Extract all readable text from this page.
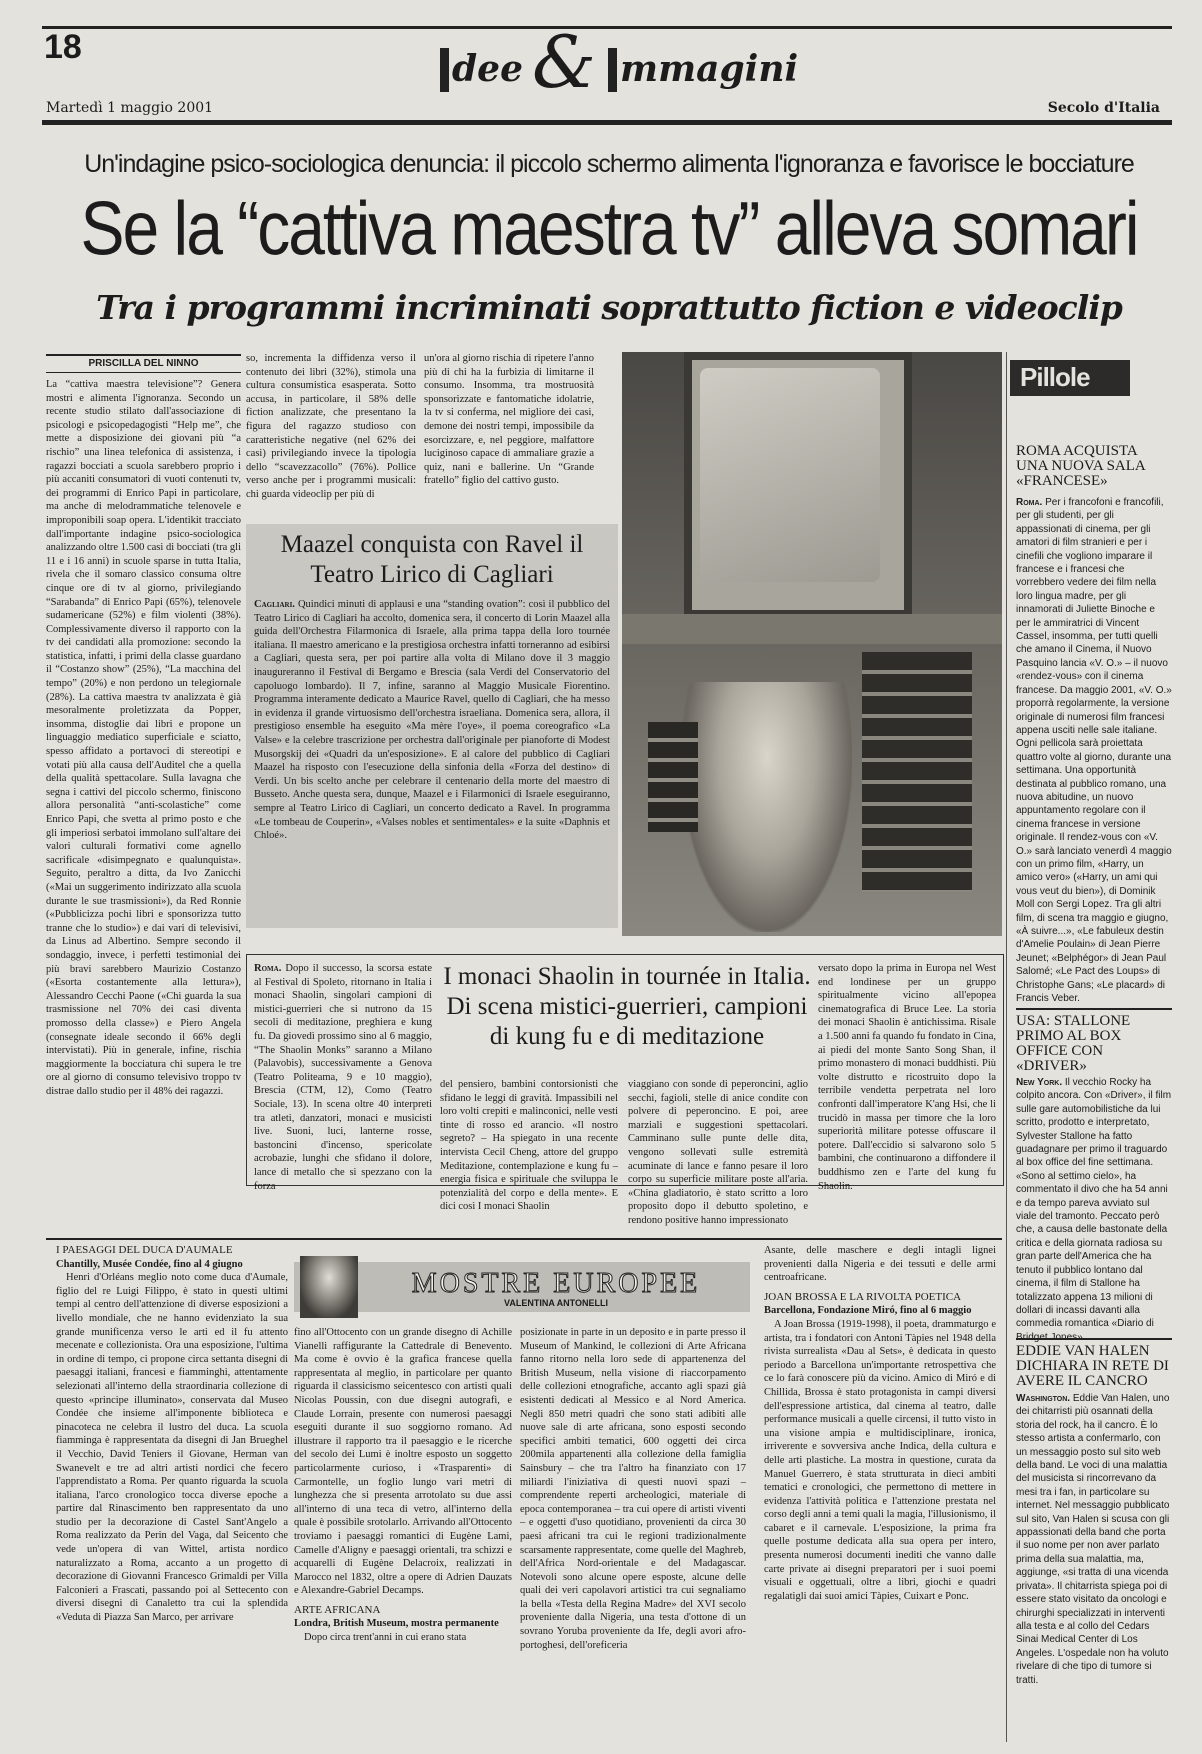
18
dee & mmagini
Martedì 1 maggio 2001	Secolo d'Italia
Un'indagine psico-sociologica denuncia: il piccolo schermo alimenta l'ignoranza e favorisce le bocciature
Se la “cattiva maestra tv” alleva somari
Tra i programmi incriminati soprattutto fiction e videoclip
PRISCILLA DEL NINNO

La “cattiva maestra televisione”? Genera mostri e alimenta l'ignoranza. Secondo un recente studio stilato dall'associazione di psicologi e psicopedagogisti “Help me”, che mette a disposizione dei giovani più “a rischio” una linea telefonica di assistenza, i ragazzi bocciati a scuola sarebbero proprio i più accaniti consumatori di vuoti contenuti tv, dei programmi di Enrico Papi in particolare, ma anche di melodrammatiche telenovele e improponibili soap opera. L'identikit tracciato dall'importante indagine psico-sociologica analizzando oltre 1.500 casi di bocciati (tra gli 11 e i 16 anni) in scuole sparse in tutta Italia, rivela che il somaro classico consuma oltre cinque ore di tv al giorno, privilegiando “Sarabanda” di Enrico Papi (65%), telenovele sudamericane (52%) e film violenti (38%). Complessivamente diverso il rapporto con la tv dei candidati alla promozione: secondo la statistica, infatti, i primi della classe guardano il “Costanzo show” (25%), “La macchina del tempo” (20%) e non perdono un telegiornale (28%). La cattiva maestra tv analizzata è già mesoralmente proletizzata da Popper, insomma, distoglie dai libri e propone un linguaggio mediatico superficiale e sciatto, spesso affidato a portavoci di stereotipi e votati più alla causa dell'Auditel che a quella della qualità spettacolare. Sulla lavagna che segna i cattivi del piccolo schermo, finiscono allora personalità “anti-scolastiche” come Enrico Papi, che svetta al primo posto e che gli imperiosi serbatoi immolano sull'altare dei valori culturali formativi come agnello sacrificale «disimpegnato e qualunquista». Seguito, peraltro a ditta, da Ivo Zanicchi («Mai un suggerimento indirizzato alla scuola durante le sue trasmissioni»), da Red Ronnie («Pubblicizza pochi libri e sponsorizza tutto tranne che lo studio») e dai vari di televisivi, da Linus ad Albertino. Sempre secondo il sondaggio, invece, i perfetti testimonial dei più bravi sarebbero Maurizio Costanzo («Esorta costantemente alla lettura»), Alessandro Cecchi Paone («Chi guarda la sua trasmissione nel 70% dei casi diventa promosso della classe») e Piero Angela (consegnate ideale secondo il 66% degli intervistati). Più in generale, infine, rischia maggiormente la bocciatura chi supera le tre ore al giorno di consumo televisivo troppo tv distrae dallo studio per il 48% dei ragazzi.

so, incrementa la diffidenza verso il contenuto dei libri (32%), stimola una cultura consumistica esasperata. Sotto accusa, in particolare, il 58% delle fiction analizzate, che presentano la figura del ragazzo studioso con caratteristiche negative (nel 62% dei casi) privilegiando invece la tipologia dello “scavezzacollo” (76%). Pollice verso anche per i programmi musicali: chi guarda videoclip per più di

un'ora al giorno rischia di ripetere l'anno più di chi ha la furbizia di limitarne il consumo. Insomma, tra mostruosità sponsorizzate e fantomatiche idolatrie, la tv si conferma, nel migliore dei casi, demone dei nostri tempi, impossibile da esorcizzare, e, nel peggiore, malfattore luciginoso capace di ammaliare grazie a quiz, nani e ballerine. Un “Grande fratello” figlio del cattivo gusto.

Maazel conquista con Ravel il Teatro Lirico di Cagliari

Cagliari. Quindici minuti di applausi e una “standing ovation”: così il pubblico del Teatro Lirico di Cagliari ha accolto, domenica sera, il concerto di Lorin Maazel alla guida dell'Orchestra Filarmonica di Israele, alla prima tappa della loro tournée italiana. Il maestro americano e la prestigiosa orchestra infatti torneranno ad esibirsi a Cagliari, questa sera, per poi partire alla volta di Milano dove il 3 maggio inaugureranno il Festival di Bergamo e Brescia (sala Verdi del Conservatorio del capoluogo lombardo). Il 7, infine, saranno al Maggio Musicale Fiorentino. Programma interamente dedicato a Maurice Ravel, quello di Cagliari, che ha messo in evidenza il grande virtuosismo dell'orchestra israeliana. Domenica sera, allora, il prestigioso ensemble ha eseguito «Ma mère l'oye», il poema coreografico «La Valse» e la celebre trascrizione per orchestra dall'originale per pianoforte di Modest Musorgskij dei «Quadri da un'esposizione». E al calore del pubblico di Cagliari Maazel ha risposto con l'esecuzione della sinfonia della «Forza del destino» di Verdi. Un bis scelto anche per celebrare il centenario della morte del maestro di Busseto. Anche questa sera, dunque, Maazel e i Filarmonici di Israele eseguiranno, sempre al Teatro Lirico di Cagliari, un concerto dedicato a Ravel. In programma «Le tombeau de Couperin», «Valses nobles et sentimentales» e la suite «Daphnis et Chloé».

Pillole
ROMA ACQUISTA UNA NUOVA SALA «FRANCESE»
Roma. Per i francofoni e francofili, per gli studenti, per gli appassionati di cinema, per gli amatori di film stranieri e per i cinefili che vogliono imparare il francese e i francesi che vorrebbero vedere dei film nella loro lingua madre, per gli innamorati di Juliette Binoche e per le ammiratrici di Vincent Cassel, insomma, per tutti quelli che amano il Cinema, il Nuovo Pasquino lancia «V. O.» – il nuovo «rendez-vous» con il cinema francese. Da maggio 2001, «V. O.» proporrà regolarmente, la versione originale di numerosi film francesi appena usciti nelle sale italiane. Ogni pellicola sarà proiettata quattro volte al giorno, durante una settimana. Una opportunità destinata al pubblico romano, una nuova abitudine, un nuovo appuntamento regolare con il cinema francese in versione originale. Il rendez-vous con «V. O.» sarà lanciato venerdì 4 maggio con un primo film, «Harry, un amico vero» («Harry, un ami qui vous veut du bien»), di Dominik Moll con Sergi Lopez. Tra gli altri film, di scena tra maggio e giugno, «À suivre...», «Le fabuleux destin d'Amelie Poulain» di Jean Pierre Jeunet; «Belphégor» di Jean Paul Salomé; «Le Pact des Loups» di Christophe Gans; «Le placard» di Francis Veber.
USA: STALLONE PRIMO AL BOX OFFICE CON «DRIVER»
New York. Il vecchio Rocky ha colpito ancora. Con «Driver», il film sulle gare automobilistiche da lui scritto, prodotto e interpretato, Sylvester Stallone ha fatto guadagnare per primo il traguardo al box office del fine settimana. «Sono al settimo cielo», ha commentato il divo che ha 54 anni e da tempo pareva avviato sul viale del tramonto. Peccato però che, a causa delle bastonate della critica e della giornata radiosa su gran parte dell'America che ha tenuto il pubblico lontano dal cinema, il film di Stallone ha totalizzato appena 13 milioni di dollari di incassi davanti alla commedia romantica «Diario di
EDDIE VAN HALEN DICHIARA IN RETE DI AVERE IL CANCRO
Washington. Eddie Van Halen, uno dei chitarristi più osannati della storia del rock, ha il cancro. È lo stesso artista a confermarlo, con un messaggio posto sul sito web della band. Le voci di una malattia del musicista si rincorrevano da mesi tra i fan, in particolare su internet. Nel messaggio pubblicato sul sito, Van Halen si scusa con gli appassionati della band che porta il suo nome per non aver parlato prima della sua malattia, ma, aggiunge, «si tratta di una vicenda privata». Il chitarrista spiega poi di essere stato visitato da oncologi e chirurghi specializzati in interventi alla testa e al collo del Cedars Sinai Medical Center di Los Angeles. L'ospedale non ha voluto rivelare di che tipo di tumore si tratti.

Roma. Dopo il successo, la scorsa estate al Festival di Spoleto, ritornano in Italia i monaci Shaolin, singolari campioni di mistici-guerrieri che si nutrono da 15 secoli di meditazione, preghiera e kung fu. Da giovedì prossimo sino al 6 maggio, “The Shaolin Monks” saranno a Milano (Palavobis), successivamente a Genova (Teatro Politeama, 9 e 10 maggio), Brescia (CTM, 12), Como (Teatro Sociale, 13). In scena oltre 40 interpreti tra atleti, danzatori, monaci e musicisti live. Suoni, luci, lanterne rosse, bastoncini d'incenso, spericolate acrobazie, lunghi che sfidano il dolore, lance di metallo che si spezzano con la forza

I monaci Shaolin in tournée in Italia. Di scena mistici-guerrieri, campioni di kung fu e di meditazione

del pensiero, bambini contorsionisti che sfidano le leggi di gravità. Impassibili nel loro volti crepiti e malinconici, nelle vesti tinte di rosso ed arancio. «Il nostro segreto? – Ha spiegato in una recente intervista Cecil Cheng, attore del gruppo Meditazione, contemplazione e kung fu – energia fisica e spirituale che sviluppa le potenzialità del corpo e della mente». E dici così I monaci Shaolin

viaggiano con sonde di peperoncini, aglio secchi, fagioli, stelle di anice condite con polvere di peperoncino. E poi, aree marziali e suggestioni spettacolari. Camminano sulle punte delle dita, vengono sollevati sulle estremità acuminate di lance e fanno pesare il loro corpo su superficie militare poste all'aria. «China gladiatorio, è stato scritto a loro proposito dopo il debutto spoletino, e rendono positive hanno impressionato

versato dopo la prima in Europa nel West end londinese per un gruppo spiritualmente vicino all'epopea cinematografica di Bruce Lee. La storia dei monaci Shaolin è antichissima. Risale a 1.500 anni fa quando fu fondato in Cina, ai piedi del monte Santo Song Shan, il primo monastero di monaci buddhisti. Più volte distrutto e ricostruito dopo la terribile vendetta perpetrata nel loro confronti dall'imperatore K'ang Hsi, che li trucidò in massa per timore che la loro superiorità militare potesse offuscare il potere. Dall'eccidio si salvarono solo 5 bambini, che continuarono a diffondere il buddhismo zen e l'arte del kung fu Shaolin.

I PAESAGGI DEL DUCA D'AUMALE
Chantilly, Musée Condée, fino al 4 giugno

Henri d'Orléans meglio noto come duca d'Aumale, figlio del re Luigi Filippo, è stato in questi ultimi tempi al centro dell'attenzione di diverse esposizioni a livello mondiale, che ne hanno evidenziato la sua grande munificenza verso le arti ed il fu attento mecenate e collezionista. Ora una esposizione, l'ultima in ordine di tempo, ci propone circa settanta disegni di paesaggi italiani, francesi e fiamminghi, attentamente selezionati all'interno della straordinaria collezione di questo «principe illuminato», conservata dal Museo Condée che insieme all'imponente biblioteca e pinacoteca ne celebra il lustro del duca. La scuola fiamminga è rappresentata da disegni di Jan Brueghel il Vecchio, David Teniers il Giovane, Herman van Swanevelt e tre ad altri artisti nordici che fecero l'apprendistato a Roma. Per quanto riguarda la scuola italiana, l'arco cronologico tocca diverse epoche a partire dal Rinascimento ben rappresentato da uno studio per la decorazione di Castel Sant'Angelo a Roma realizzato da Perin del Vaga, dal Seicento che vede un'opera di van Wittel, artista nordico naturalizzato a Roma, accanto a un progetto di decorazione di Giovanni Francesco Grimaldi per Villa Falconieri a Frascati, passando poi al Settecento con diversi disegni di Canaletto tra cui la splendida «Veduta di Piazza San Marco, per arrivare

MOSTRE EUROPEE
VALENTINA ANTONELLI

fino all'Ottocento con un grande disegno di Achille Vianelli raffigurante la Cattedrale di Benevento. Ma come è ovvio è la grafica francese quella rappresentata al meglio, in particolare per quanto riguarda il classicismo seicentesco con artisti quali Nicolas Poussin, con due disegni autografi, e Claude Lorrain, presente con numerosi paesaggi eseguiti durante il suo soggiorno romano. Ad illustrare il rapporto tra il paesaggio e le ricerche del secolo dei Lumi è inoltre esposto un soggetto particolarmente curioso, i «Trasparenti» di Carmontelle, un foglio lungo vari metri di lunghezza che si presenta arrotolato su due assi all'interno di una teca di vetro, all'interno della quale è possibile srotolarlo. Arrivando all'Ottocento troviamo i paesaggi romantici di Eugène Lami, Camelle d'Aligny e paesaggi orientali, tra schizzi e acquarelli di Eugène Delacroix, realizzati in Marocco nel 1832, oltre a opere di Adrien Dauzats e Alexandre-Gabriel Decamps.

ARTE AFRICANA
Londra, British Museum, mostra permanente

Dopo circa trent'anni in cui erano stata

posizionate in parte in un deposito e in parte presso il Museum of Mankind, le collezioni di Arte Africana fanno ritorno nella loro sede di appartenenza del British Museum, nella visione di riaccorpamento delle collezioni etnografiche, accanto agli spazi già esistenti dedicati al Messico e al Nord America. Negli 850 metri quadri che sono stati adibiti alle nuove sale di arte africana, sono esposti secondo specifici ambiti tematici, 600 oggetti dei circa 200mila appartenenti alla collezione della famiglia Sainsbury – che tra l'altro ha finanziato con 17 miliardi l'iniziativa di questi nuovi spazi – comprendente reperti archeologici, materiale di epoca contemporanea – tra cui opere di artisti viventi – e oggetti d'uso quotidiano, provenienti da circa 30 paesi africani tra cui le regioni tradizionalmente scarsamente rappresentate, come quelle del Maghreb, dell'Africa Nord-orientale e del Madagascar. Notevoli sono alcune opere esposte, alcune delle quali dei veri capolavori artistici tra cui segnaliamo la bella «Testa della Regina Madre» del XVI secolo proveniente dalla Nigeria, una testa d'ottone di un sovrano Yoruba proveniente da Ife, degli avori afro-portoghesi, dell'oreficeria

Asante, delle maschere e degli intagli lignei provenienti dalla Nigeria e dei tessuti e delle armi centroafricane.

JOAN BROSSA E LA RIVOLTA POETICA
Barcellona, Fondazione Miró, fino al 6 maggio

A Joan Brossa (1919-1998), il poeta, drammaturgo e artista, tra i fondatori con Antoni Tàpies nel 1948 della rivista surrealista «Dau al Sets», è dedicata in questo periodo a Barcellona un'importante retrospettiva che ce lo farà conoscere più da vicino. Amico di Miró e di Chillida, Brossa è stato protagonista in campi diversi dell'espressione artistica, dal cinema al teatro, dalle performance musicali a quelle circensi, il tutto visto in una visione ampia e multidisciplinare, ironica, irriverente e sovversiva anche Indica, della cultura e delle arti plastiche. La mostra in questione, curata da Manuel Guerrero, è stata strutturata in dieci ambiti tematici e cronologici, che permettono di mettere in evidenza l'attività politica e l'attenzione prestata nel corso degli anni a temi quali la magia, l'illusionismo, il cabaret e il carnevale. L'esposizione, la prima fra quelle postume dedicata alla sua opera per intero, presenta numerosi documenti inediti che vanno dalle carte private ai disegni preparatori per i suoi poemi visuali e oggettuali, oltre a libri, giochi e quadri regalatigli dai suoi amici Tàpies, Cuixart e Ponc.
